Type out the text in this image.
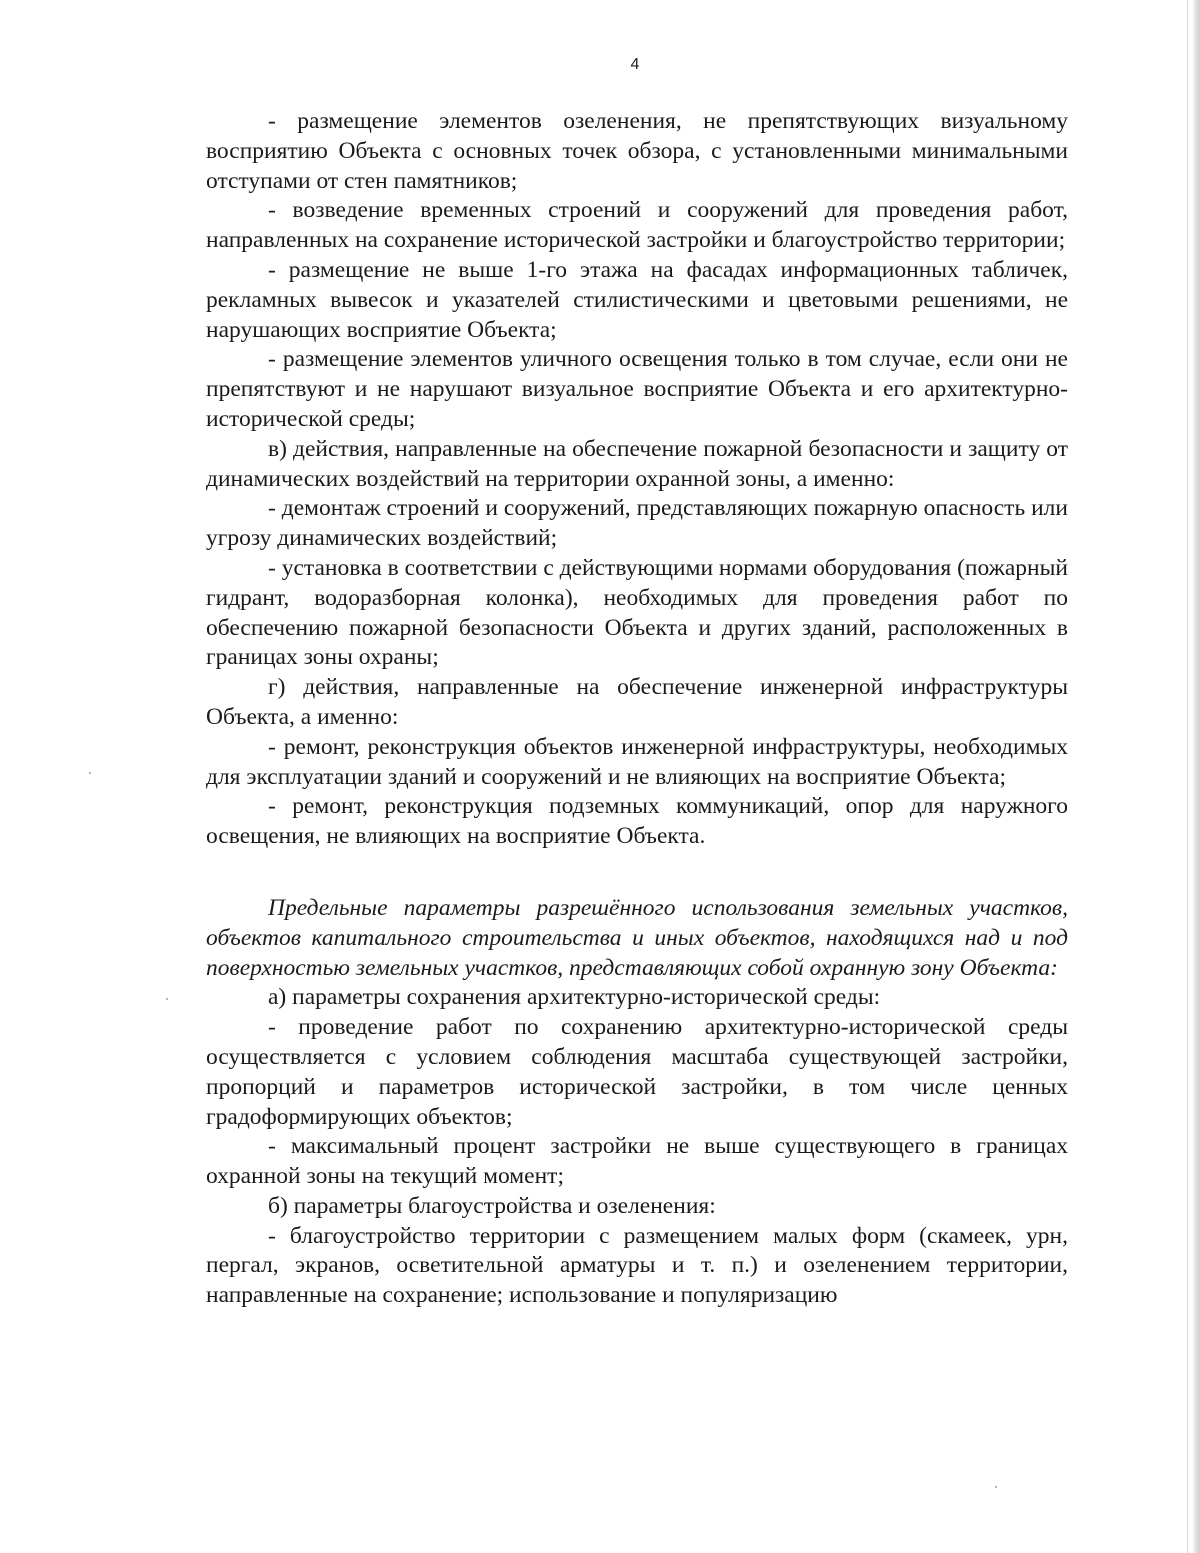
4

- размещение элементов озеленения, не препятствующих визуальному восприятию Объекта с основных точек обзора, с установленными минимальными отступами от стен памятников;

- возведение временных строений и сооружений для проведения работ, направленных на сохранение исторической застройки и благоустройство территории;

- размещение не выше 1-го этажа на фасадах информационных табличек, рекламных вывесок и указателей стилистическими и цветовыми решениями, не нарушающих восприятие Объекта;

- размещение элементов уличного освещения только в том случае, если они не препятствуют и не нарушают визуальное восприятие Объекта и его архитектурно-исторической среды;

в) действия, направленные на обеспечение пожарной безопасности и защиту от динамических воздействий на территории охранной зоны, а именно:

- демонтаж строений и сооружений, представляющих пожарную опасность или угрозу динамических воздействий;

- установка в соответствии с действующими нормами оборудования (пожарный гидрант, водоразборная колонка), необходимых для проведения работ по обеспечению пожарной безопасности Объекта и других зданий, расположенных в границах зоны охраны;

г) действия, направленные на обеспечение инженерной инфраструктуры Объекта, а именно:

- ремонт, реконструкция объектов инженерной инфраструктуры, необходимых для эксплуатации зданий и сооружений и не влияющих на восприятие Объекта;

- ремонт, реконструкция подземных коммуникаций, опор для наружного освещения, не влияющих на восприятие Объекта.

Предельные параметры разрешённого использования земельных участков, объектов капитального строительства и иных объектов, находящихся над и под поверхностью земельных участков, представляющих собой охранную зону Объекта:

а) параметры сохранения архитектурно-исторической среды:

- проведение работ по сохранению архитектурно-исторической среды осуществляется с условием соблюдения масштаба существующей застройки, пропорций и параметров исторической застройки, в том числе ценных градоформирующих объектов;

- максимальный процент застройки не выше существующего в границах охранной зоны на текущий момент;

б) параметры благоустройства и озеленения:

- благоустройство территории с размещением малых форм (скамеек, урн, пергал, экранов, осветительной арматуры и т. п.) и озеленением территории, направленные на сохранение; использование и популяризацию
